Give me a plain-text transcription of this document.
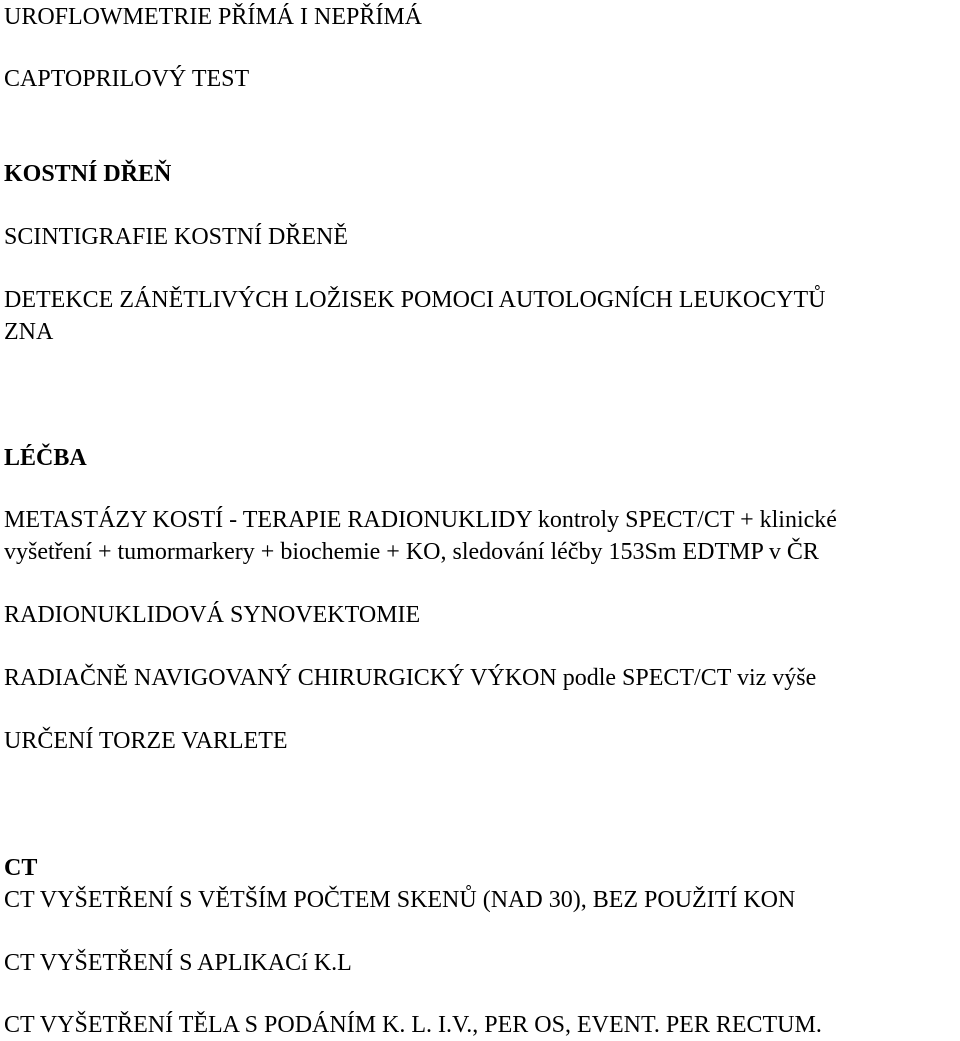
UROFLOWMETRIE PŘÍMÁ I NEPŘÍMÁ

CAPTOPRILOVÝ TEST

KOSTNÍ DŘEŇ

SCINTIGRAFIE KOSTNÍ DŘENĚ

DETEKCE ZÁNĚTLIVÝCH LOŽISEK POMOCI AUTOLOGNÍCH LEUKOCYTŮ

ZNA

LÉČBA

METASTÁZY KOSTÍ - TERAPIE RADIONUKLIDY kontroly SPECT/CT + klinické

vyšetření + tumormarkery + biochemie + KO, sledování léčby 153Sm EDTMP v ČR

RADIONUKLIDOVÁ SYNOVEKTOMIE

RADIAČNĚ NAVIGOVANÝ CHIRURGICKÝ VÝKON podle SPECT/CT viz výše

URČENÍ TORZE VARLETE

CT

CT VYŠETŘENÍ S VĚTŠÍM POČTEM SKENŮ (NAD 30), BEZ POUŽITÍ KON

CT VYŠETŘENÍ S APLIKACí K.L

CT VYŠETŘENÍ TĚLA S PODÁNÍM K. L. I.V., PER OS, EVENT. PER RECTUM.
